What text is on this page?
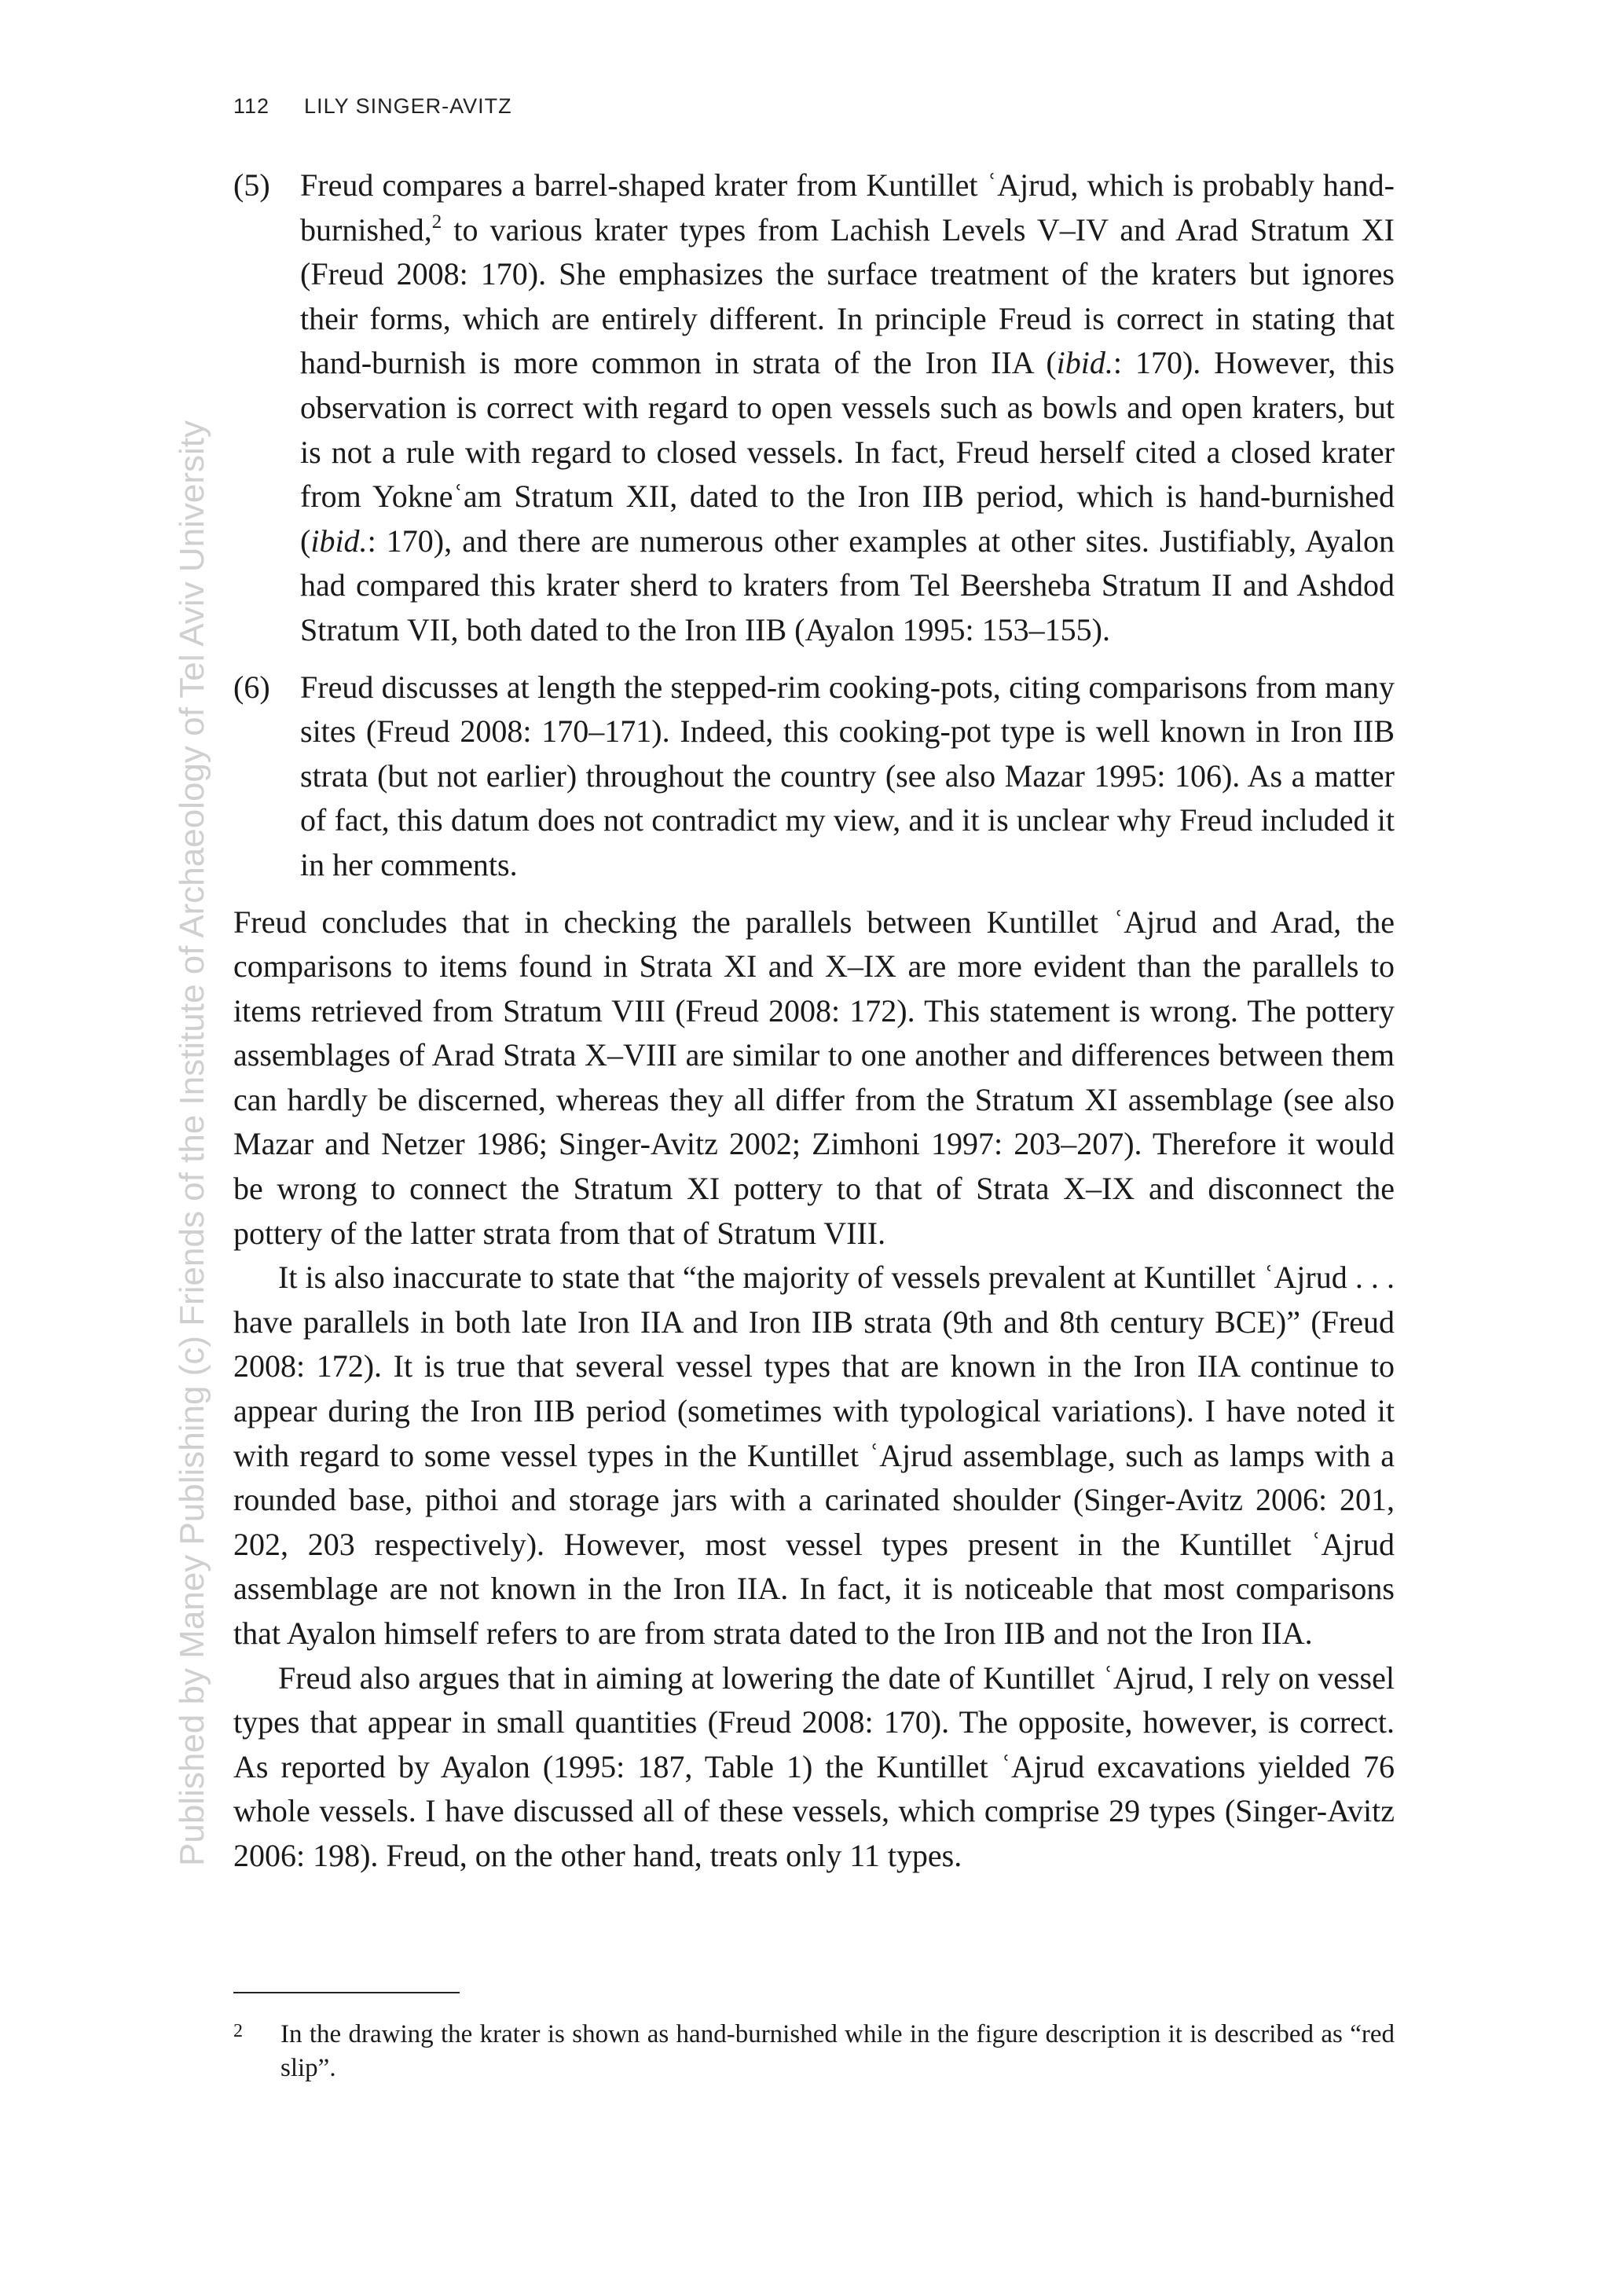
Published by Maney Publishing (c) Friends of the Institute of Archaeology of Tel Aviv University
112 LILY SINGER-AVITZ
(5) Freud compares a barrel-shaped krater from Kuntillet ʿAjrud, which is probably hand-burnished,$^2$ to various krater types from Lachish Levels V–IV and Arad Stratum XI (Freud 2008: 170). She emphasizes the surface treatment of the kraters but ignores their forms, which are entirely different. In principle Freud is correct in stating that hand-burnish is more common in strata of the Iron IIA (ibid.: 170). However, this observation is correct with regard to open vessels such as bowls and open kraters, but is not a rule with regard to closed vessels. In fact, Freud herself cited a closed krater from Yokneʿam Stratum XII, dated to the Iron IIB period, which is hand-burnished (ibid.: 170), and there are numerous other examples at other sites. Justifiably, Ayalon had compared this krater sherd to kraters from Tel Beersheba Stratum II and Ashdod Stratum VII, both dated to the Iron IIB (Ayalon 1995: 153–155).
(6) Freud discusses at length the stepped-rim cooking-pots, citing comparisons from many sites (Freud 2008: 170–171). Indeed, this cooking-pot type is well known in Iron IIB strata (but not earlier) throughout the country (see also Mazar 1995: 106). As a matter of fact, this datum does not contradict my view, and it is unclear why Freud included it in her comments.

Freud concludes that in checking the parallels between Kuntillet ʿAjrud and Arad, the comparisons to items found in Strata XI and X–IX are more evident than the parallels to items retrieved from Stratum VIII (Freud 2008: 172). This statement is wrong. The pottery assemblages of Arad Strata X–VIII are similar to one another and differences between them can hardly be discerned, whereas they all differ from the Stratum XI assemblage (see also Mazar and Netzer 1986; Singer-Avitz 2002; Zimhoni 1997: 203–207). Therefore it would be wrong to connect the Stratum XI pottery to that of Strata X–IX and disconnect the pottery of the latter strata from that of Stratum VIII.

It is also inaccurate to state that “the majority of vessels prevalent at Kuntillet ʿAjrud . . . have parallels in both late Iron IIA and Iron IIB strata (9th and 8th century BCE)” (Freud 2008: 172). It is true that several vessel types that are known in the Iron IIA continue to appear during the Iron IIB period (sometimes with typological variations). I have noted it with regard to some vessel types in the Kuntillet ʿAjrud assemblage, such as lamps with a rounded base, pithoi and storage jars with a carinated shoulder (Singer-Avitz 2006: 201, 202, 203 respectively). However, most vessel types present in the Kuntillet ʿAjrud assemblage are not known in the Iron IIA. In fact, it is noticeable that most comparisons that Ayalon himself refers to are from strata dated to the Iron IIB and not the Iron IIA.

Freud also argues that in aiming at lowering the date of Kuntillet ʿAjrud, I rely on vessel types that appear in small quantities (Freud 2008: 170). The opposite, however, is correct. As reported by Ayalon (1995: 187, Table 1) the Kuntillet ʿAjrud excavations yielded 76 whole vessels. I have discussed all of these vessels, which comprise 29 types (Singer-Avitz 2006: 198). Freud, on the other hand, treats only 11 types.

2	In the drawing the krater is shown as hand-burnished while in the figure description it is described as “red slip”.
